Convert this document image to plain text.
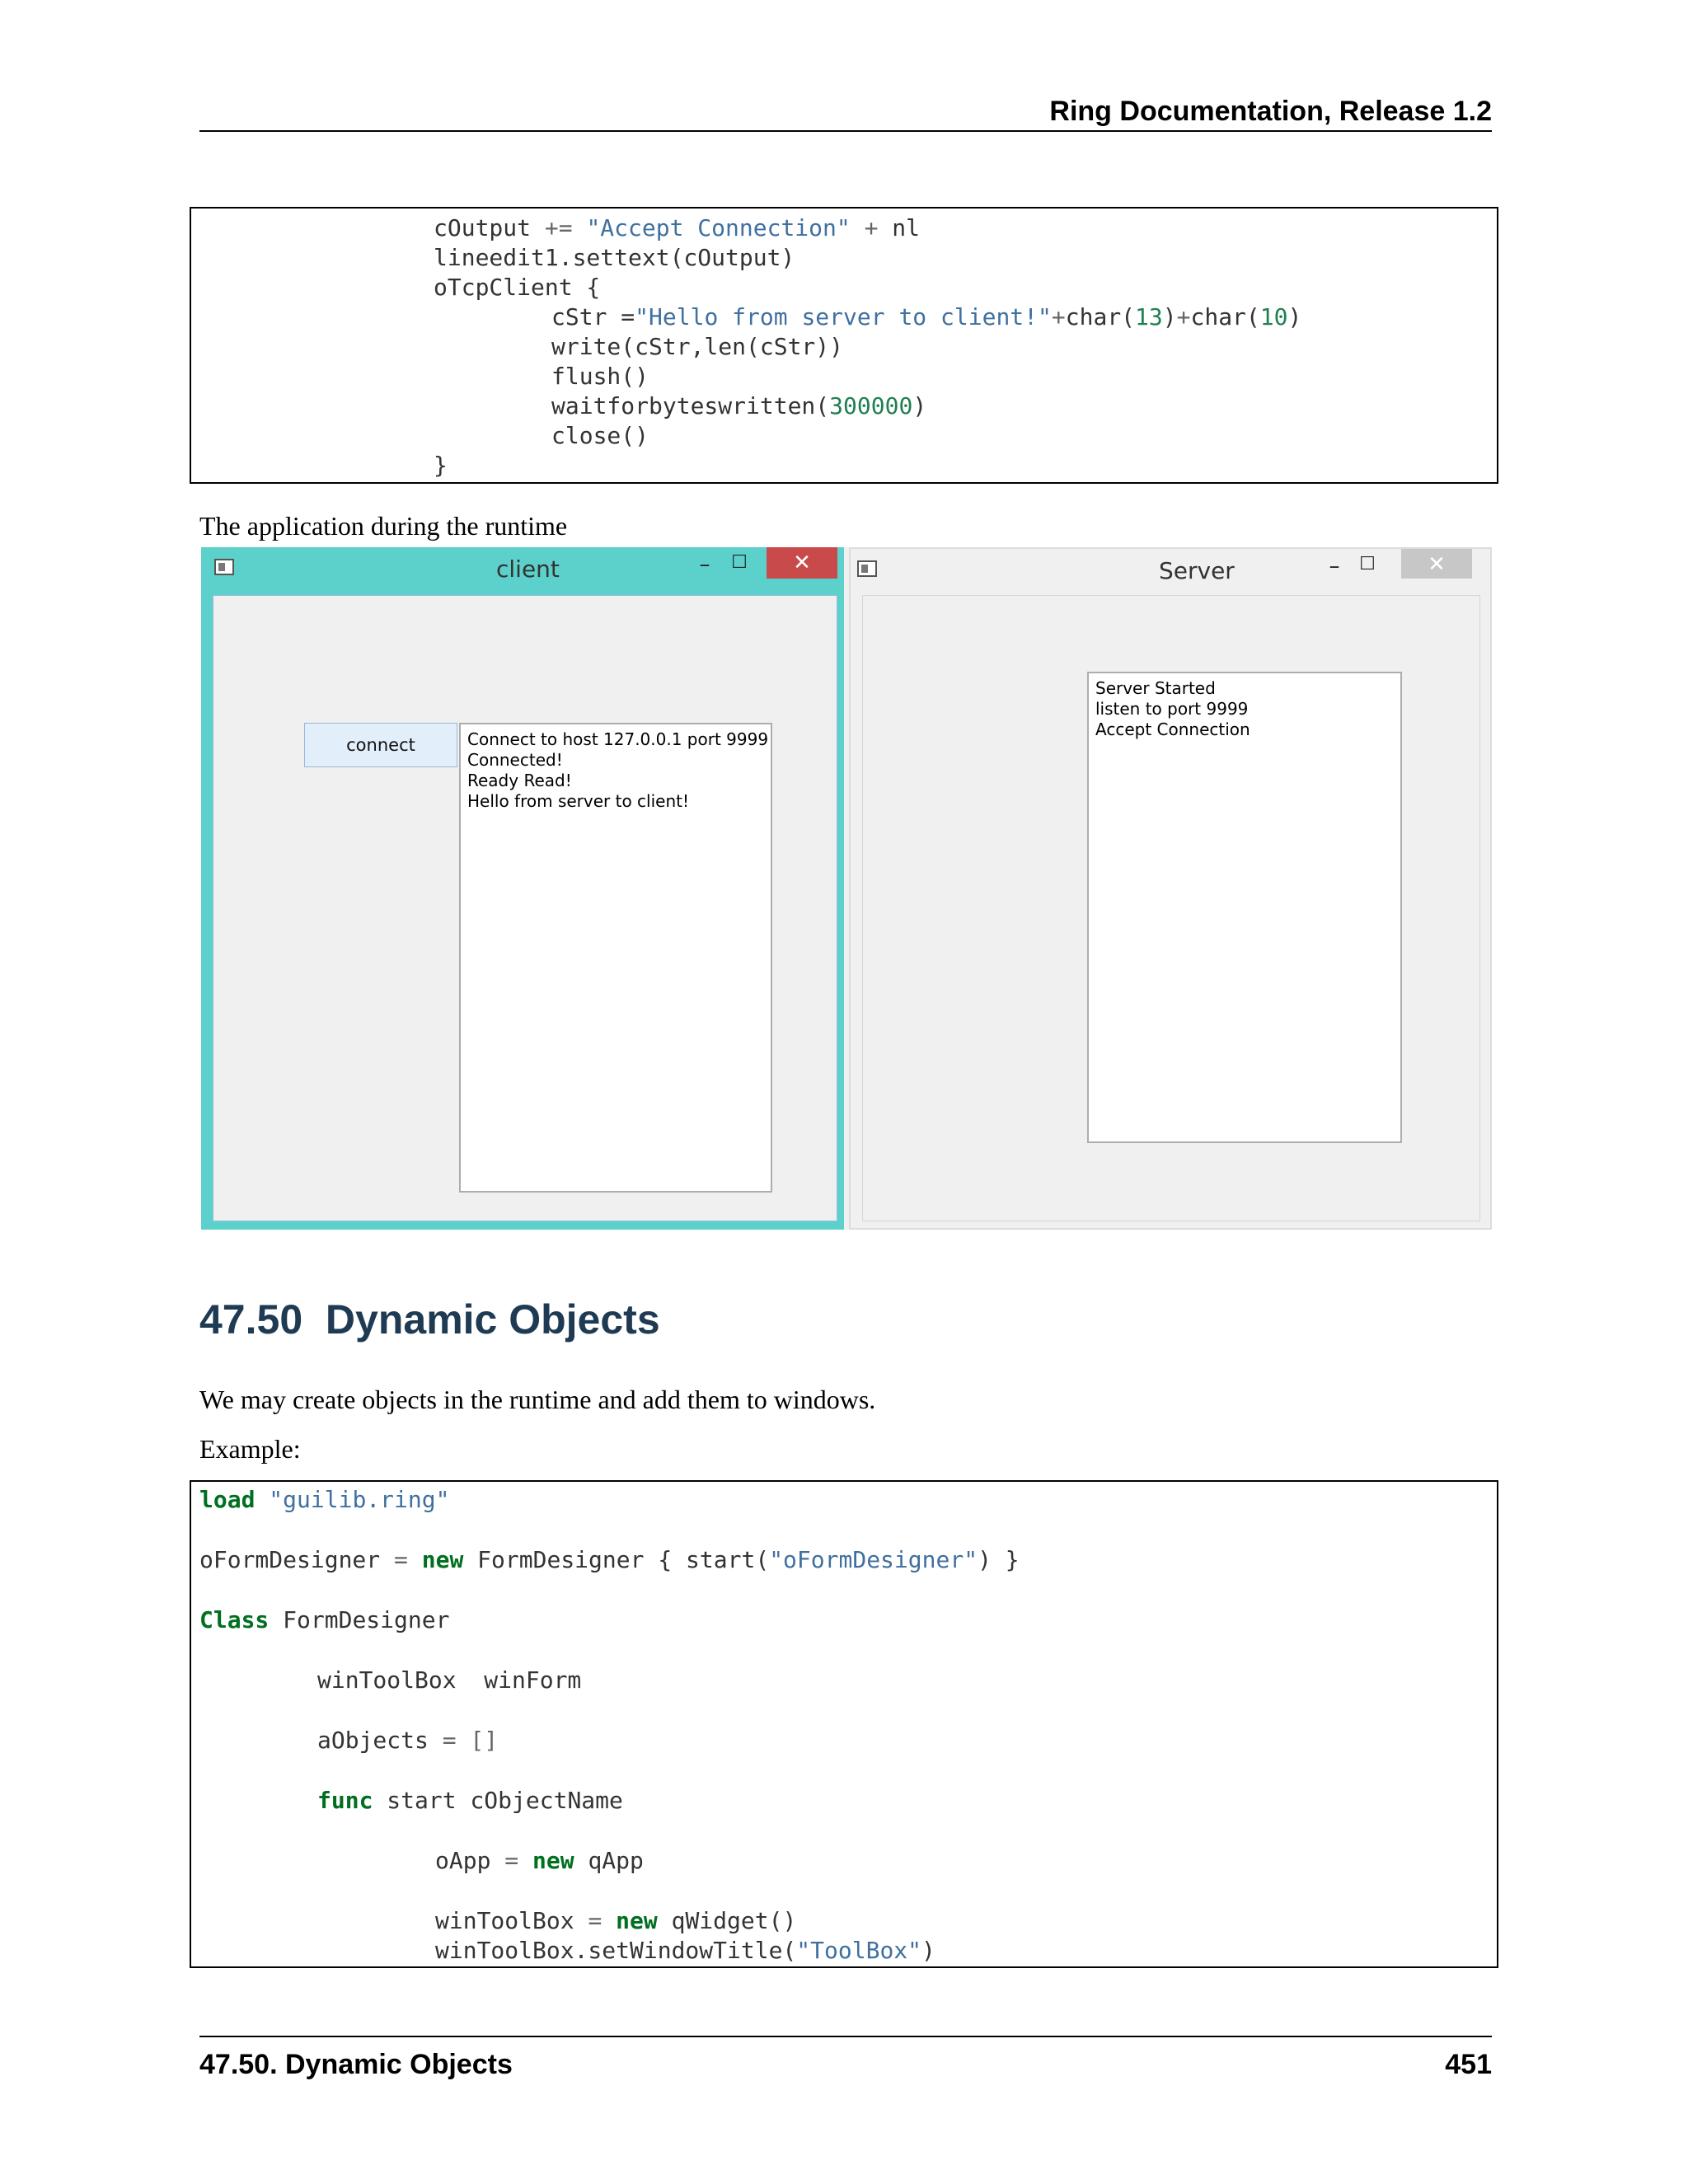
Ring Documentation, Release 1.2
cOutput += "Accept Connection" + nl
lineedit1.settext(cOutput)
oTcpClient {
cStr ="Hello from server to client!"+char(13)+char(10)
write(cStr,len(cStr))
flush()
waitforbyteswritten(300000)
close()
}
The application during the runtime
client	–	☐	✕
connect	Connect to host 127.0.0.1 port 9999
Connected!
Ready Read!
Hello from server to client!
Server	–	☐	✕
Server Started
listen to port 9999
Accept Connection
47.50 Dynamic Objects
We may create objects in the runtime and add them to windows.
Example:
load "guilib.ring"
oFormDesigner = new FormDesigner { start("oFormDesigner") }
Class FormDesigner
winToolBox  winForm
aObjects = []
func start cObjectName
oApp = new qApp
winToolBox = new qWidget()
winToolBox.setWindowTitle("ToolBox")
47.50. Dynamic Objects	451
